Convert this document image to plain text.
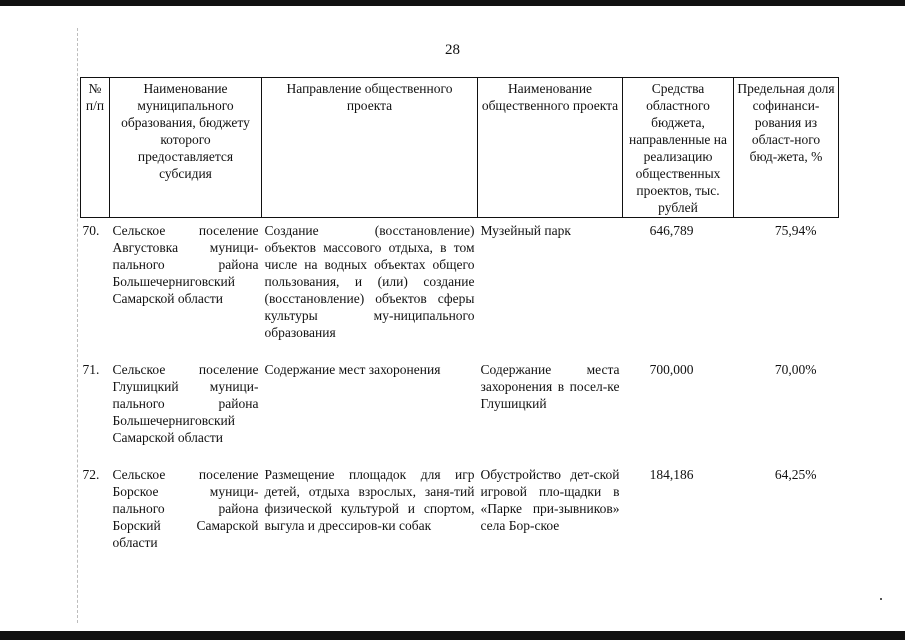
28
№ п/п	Наименование муниципального образования, бюджету которого предоставляется субсидия	Направление общественного проекта	Наименование общественного проекта	Средства областного бюджета, направленные на реализацию общественных проектов, тыс. рублей	Предельная доля софинанси-рования из област-ного бюд-жета, %
70.	Сельское поселение Августовка муници-пального района Большечерниговский Самарской области	Создание (восстановление) объектов массового отдыха, в том числе на водных объектах общего пользования, и (или) создание (восстановление) объектов сферы культуры му-ниципального образования	Музейный парк	646,789	75,94%
71.	Сельское поселение Глушицкий муници-пального района Большечерниговский Самарской области	Содержание мест захоронения	Содержание места захоронения в посел-ке Глушицкий	700,000	70,00%
72.	Сельское поселение Борское муници-пального района Борский Самарской области	Размещение площадок для игр детей, отдыха взрослых, заня-тий физической культурой и спортом, выгула и дрессиров-ки собак	Обустройство дет-ской игровой пло-щадки в «Парке при-зывников» села Бор-ское	184,186	64,25%
